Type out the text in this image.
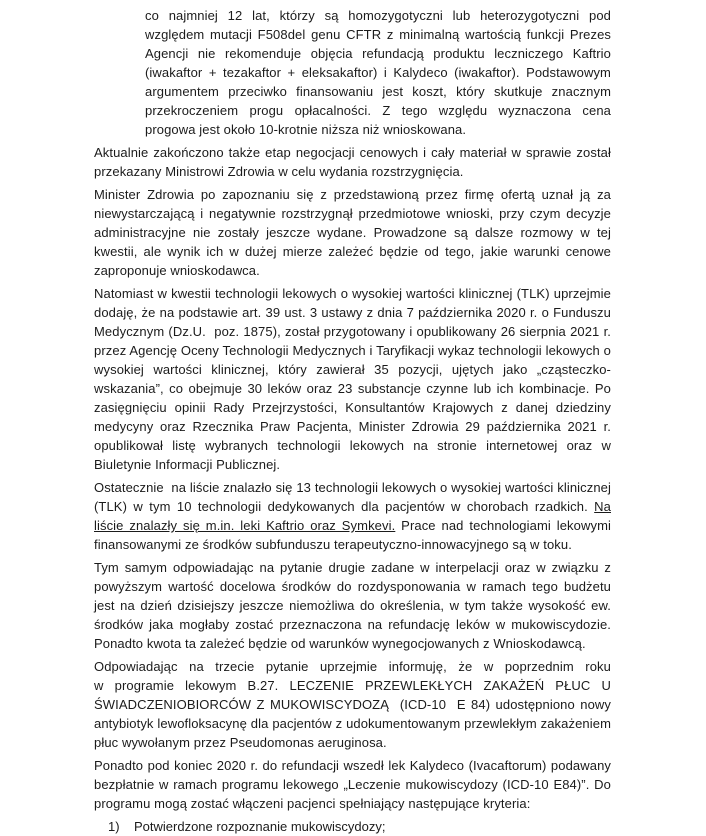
co najmniej 12 lat, którzy są homozygotyczni lub heterozygotyczni pod względem mutacji F508del genu CFTR z minimalną wartością funkcji Prezes Agencji nie rekomenduje objęcia refundacją produktu leczniczego Kaftrio (iwakaftor + tezakaftor + eleksakaftor) i Kalydeco (iwakaftor). Podstawowym argumentem przeciwko finansowaniu jest koszt, który skutkuje znacznym przekroczeniem progu opłacalności. Z tego względu wyznaczona cena progowa jest około 10-krotnie niższa niż wnioskowana.

Aktualnie zakończono także etap negocjacji cenowych i cały materiał w sprawie został przekazany Ministrowi Zdrowia w celu wydania rozstrzygnięcia.

Minister Zdrowia po zapoznaniu się z przedstawioną przez firmę ofertą uznał ją za niewystarczającą i negatywnie rozstrzygnął przedmiotowe wnioski, przy czym decyzje administracyjne nie zostały jeszcze wydane. Prowadzone są dalsze rozmowy w tej kwestii, ale wynik ich w dużej mierze zależeć będzie od tego, jakie warunki cenowe zaproponuje wnioskodawca.

Natomiast w kwestii technologii lekowych o wysokiej wartości klinicznej (TLK) uprzejmie dodaję, że na podstawie art. 39 ust. 3 ustawy z dnia 7 października 2020 r. o Funduszu Medycznym (Dz.U.  poz. 1875), został przygotowany i opublikowany 26 sierpnia 2021 r. przez Agencję Oceny Technologii Medycznych i Taryfikacji wykaz technologii lekowych o wysokiej wartości klinicznej, który zawierał 35 pozycji, ujętych jako „cząsteczko-wskazania”, co obejmuje 30 leków oraz 23 substancje czynne lub ich kombinacje. Po zasięgnięciu opinii Rady Przejrzystości, Konsultantów Krajowych z danej dziedziny medycyny oraz Rzecznika Praw Pacjenta, Minister Zdrowia 29 października 2021 r. opublikował listę wybranych technologii lekowych na stronie internetowej oraz w Biuletynie Informacji Publicznej.

Ostatecznie  na liście znalazło się 13 technologii lekowych o wysokiej wartości klinicznej (TLK) w tym 10 technologii dedykowanych dla pacjentów w chorobach rzadkich. Na liście znalazły się m.in. leki Kaftrio oraz Symkevi. Prace nad technologiami lekowymi finansowanymi ze środków subfunduszu terapeutyczno-innowacyjnego są w toku.

Tym samym odpowiadając na pytanie drugie zadane w interpelacji oraz w związku z powyższym wartość docelowa środków do rozdysponowania w ramach tego budżetu jest na dzień dzisiejszy jeszcze niemożliwa do określenia, w tym także wysokość ew. środków jaka mogłaby zostać przeznaczona na refundację leków w mukowiscydozie. Ponadto kwota ta zależeć będzie od warunków wynegocjowanych z Wnioskodawcą.

Odpowiadając na trzecie pytanie uprzejmie informuję, że w poprzednim roku w programie lekowym B.27. LECZENIE PRZEWLEKŁYCH ZAKAŻEŃ PŁUC U ŚWIADCZENIOBIORCÓW Z MUKOWISCYDOZĄ  (ICD-10  E 84) udostępniono nowy antybiotyk lewofloksacynę dla pacjentów z udokumentowanym przewlekłym zakażeniem płuc wywołanym przez Pseudomonas aeruginosa.

Ponadto pod koniec 2020 r. do refundacji wszedł lek Kalydeco (Ivacaftorum) podawany bezpłatnie w ramach programu lekowego „Leczenie mukowiscydozy (ICD-10 E84)”. Do programu mogą zostać włączeni pacjenci spełniający następujące kryteria:

1)	Potwierdzone rozpoznanie mukowiscydozy;
